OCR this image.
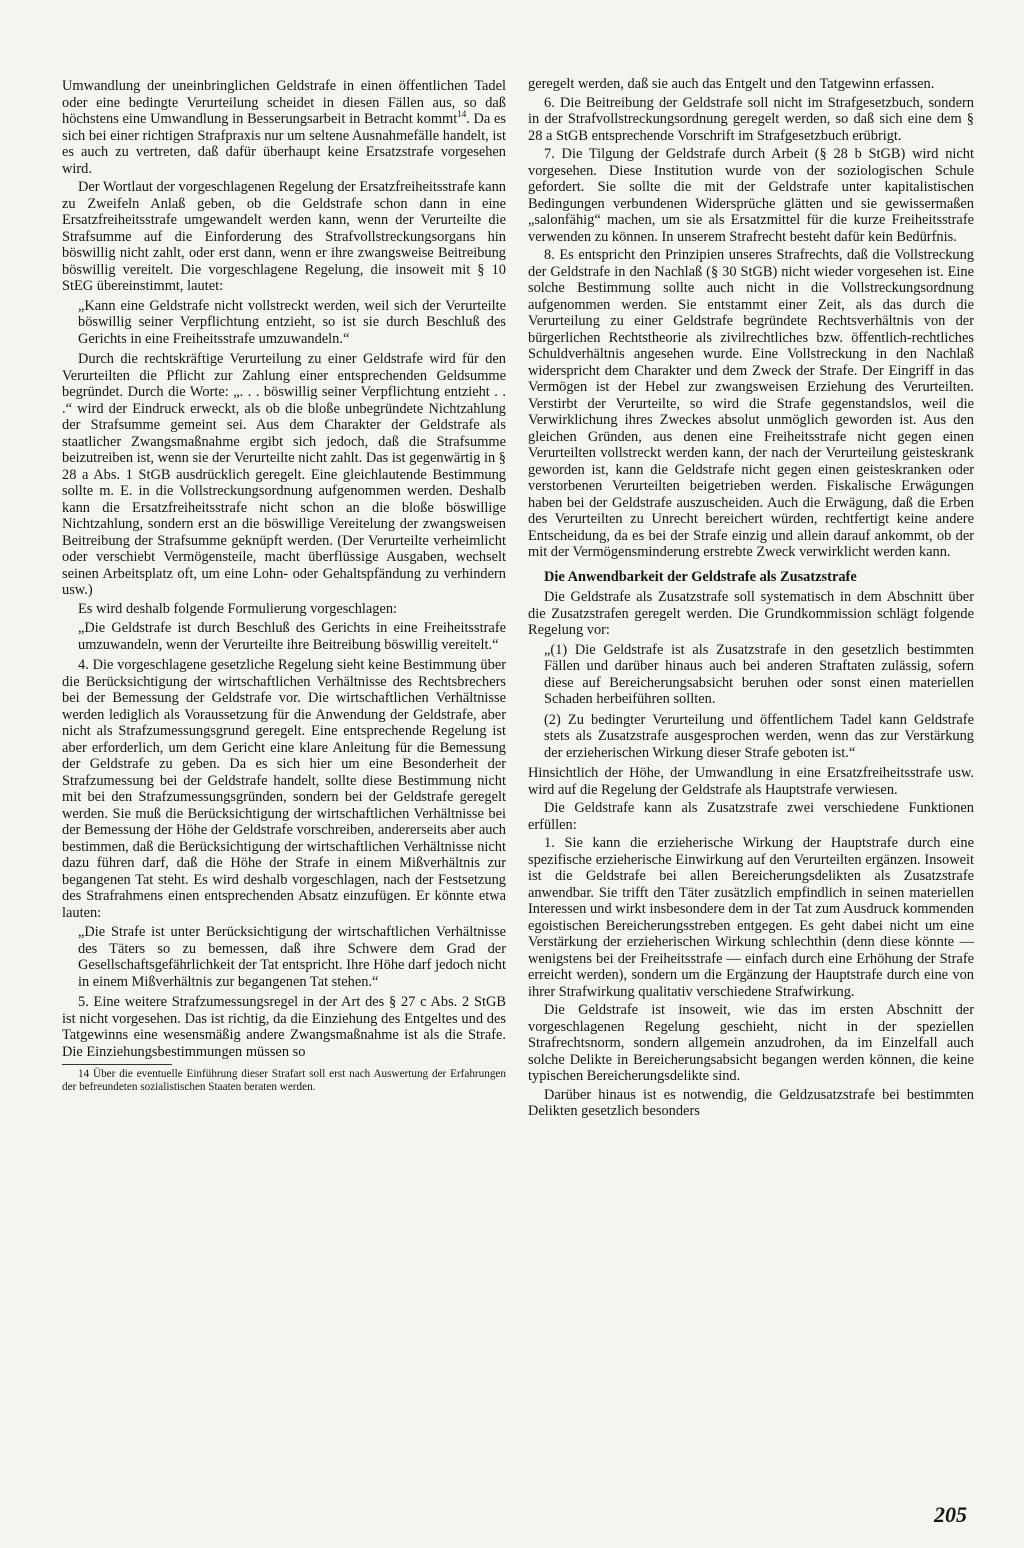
Umwandlung der uneinbringlichen Geldstrafe in einen öffentlichen Tadel oder eine bedingte Verurteilung scheidet in diesen Fällen aus, so daß höchstens eine Umwandlung in Besserungsarbeit in Betracht kommt$^{14}$. Da es sich bei einer richtigen Strafpraxis nur um seltene Ausnahmefälle handelt, ist es auch zu vertreten, daß dafür überhaupt keine Ersatzstrafe vorgesehen wird.

Der Wortlaut der vorgeschlagenen Regelung der Ersatzfreiheitsstrafe kann zu Zweifeln Anlaß geben, ob die Geldstrafe schon dann in eine Ersatzfreiheitsstrafe umgewandelt werden kann, wenn der Verurteilte die Strafsumme auf die Einforderung des Strafvollstreckungsorgans hin böswillig nicht zahlt, oder erst dann, wenn er ihre zwangsweise Beitreibung böswillig vereitelt. Die vorgeschlagene Regelung, die insoweit mit § 10 StEG übereinstimmt, lautet:

„Kann eine Geldstrafe nicht vollstreckt werden, weil sich der Verurteilte böswillig seiner Verpflichtung entzieht, so ist sie durch Beschluß des Gerichts in eine Freiheitsstrafe umzuwandeln.“

Durch die rechtskräftige Verurteilung zu einer Geldstrafe wird für den Verurteilten die Pflicht zur Zahlung einer entsprechenden Geldsumme begründet. Durch die Worte: „. . . böswillig seiner Verpflichtung entzieht . . .“ wird der Eindruck erweckt, als ob die bloße unbegründete Nichtzahlung der Strafsumme gemeint sei. Aus dem Charakter der Geldstrafe als staatlicher Zwangsmaßnahme ergibt sich jedoch, daß die Strafsumme beizutreiben ist, wenn sie der Verurteilte nicht zahlt. Das ist gegenwärtig in § 28 a Abs. 1 StGB ausdrücklich geregelt. Eine gleichlautende Bestimmung sollte m. E. in die Vollstreckungsordnung aufgenommen werden. Deshalb kann die Ersatzfreiheitsstrafe nicht schon an die bloße böswillige Nichtzahlung, sondern erst an die böswillige Vereitelung der zwangsweisen Beitreibung der Strafsumme geknüpft werden. (Der Verurteilte verheimlicht oder verschiebt Vermögensteile, macht überflüssige Ausgaben, wechselt seinen Arbeitsplatz oft, um eine Lohn- oder Gehaltspfändung zu verhindern usw.)

Es wird deshalb folgende Formulierung vorgeschlagen:

„Die Geldstrafe ist durch Beschluß des Gerichts in eine Freiheitsstrafe umzuwandeln, wenn der Verurteilte ihre Beitreibung böswillig vereitelt.“

4. Die vorgeschlagene gesetzliche Regelung sieht keine Bestimmung über die Berücksichtigung der wirtschaftlichen Verhältnisse des Rechtsbrechers bei der Bemessung der Geldstrafe vor. Die wirtschaftlichen Verhältnisse werden lediglich als Voraussetzung für die Anwendung der Geldstrafe, aber nicht als Strafzumessungsgrund geregelt. Eine entsprechende Regelung ist aber erforderlich, um dem Gericht eine klare Anleitung für die Bemessung der Geldstrafe zu geben. Da es sich hier um eine Besonderheit der Strafzumessung bei der Geldstrafe handelt, sollte diese Bestimmung nicht mit bei den Strafzumessungsgründen, sondern bei der Geldstrafe geregelt werden. Sie muß die Berücksichtigung der wirtschaftlichen Verhältnisse bei der Bemessung der Höhe der Geldstrafe vorschreiben, andererseits aber auch bestimmen, daß die Berücksichtigung der wirtschaftlichen Verhältnisse nicht dazu führen darf, daß die Höhe der Strafe in einem Mißverhältnis zur begangenen Tat steht. Es wird deshalb vorgeschlagen, nach der Festsetzung des Strafrahmens einen entsprechenden Absatz einzufügen. Er könnte etwa lauten:

„Die Strafe ist unter Berücksichtigung der wirtschaftlichen Verhältnisse des Täters so zu bemessen, daß ihre Schwere dem Grad der Gesellschaftsgefährlichkeit der Tat entspricht. Ihre Höhe darf jedoch nicht in einem Mißverhältnis zur begangenen Tat stehen.“

5. Eine weitere Strafzumessungsregel in der Art des § 27 c Abs. 2 StGB ist nicht vorgesehen. Das ist richtig, da die Einziehung des Entgeltes und des Tatgewinns eine wesensmäßig andere Zwangsmaßnahme ist als die Strafe. Die Einziehungsbestimmungen müssen so

14 Über die eventuelle Einführung dieser Strafart soll erst nach Auswertung der Erfahrungen der befreundeten sozialistischen Staaten beraten werden.

geregelt werden, daß sie auch das Entgelt und den Tatgewinn erfassen.

6. Die Beitreibung der Geldstrafe soll nicht im Strafgesetzbuch, sondern in der Strafvollstreckungsordnung geregelt werden, so daß sich eine dem § 28 a StGB entsprechende Vorschrift im Strafgesetzbuch erübrigt.

7. Die Tilgung der Geldstrafe durch Arbeit (§ 28 b StGB) wird nicht vorgesehen. Diese Institution wurde von der soziologischen Schule gefordert. Sie sollte die mit der Geldstrafe unter kapitalistischen Bedingungen verbundenen Widersprüche glätten und sie gewissermaßen „salonfähig“ machen, um sie als Ersatzmittel für die kurze Freiheitsstrafe verwenden zu können. In unserem Strafrecht besteht dafür kein Bedürfnis.

8. Es entspricht den Prinzipien unseres Strafrechts, daß die Vollstreckung der Geldstrafe in den Nachlaß (§ 30 StGB) nicht wieder vorgesehen ist. Eine solche Bestimmung sollte auch nicht in die Vollstreckungsordnung aufgenommen werden. Sie entstammt einer Zeit, als das durch die Verurteilung zu einer Geldstrafe begründete Rechtsverhältnis von der bürgerlichen Rechtstheorie als zivilrechtliches bzw. öffentlich-rechtliches Schuldverhältnis angesehen wurde. Eine Vollstreckung in den Nachlaß widerspricht dem Charakter und dem Zweck der Strafe. Der Eingriff in das Vermögen ist der Hebel zur zwangsweisen Erziehung des Verurteilten. Verstirbt der Verurteilte, so wird die Strafe gegenstandslos, weil die Verwirklichung ihres Zweckes absolut unmöglich geworden ist. Aus den gleichen Gründen, aus denen eine Freiheitsstrafe nicht gegen einen Verurteilten vollstreckt werden kann, der nach der Verurteilung geisteskrank geworden ist, kann die Geldstrafe nicht gegen einen geisteskranken oder verstorbenen Verurteilten beigetrieben werden. Fiskalische Erwägungen haben bei der Geldstrafe auszuscheiden. Auch die Erwägung, daß die Erben des Verurteilten zu Unrecht bereichert würden, rechtfertigt keine andere Entscheidung, da es bei der Strafe einzig und allein darauf ankommt, ob der mit der Vermögensminderung erstrebte Zweck verwirklicht werden kann.

Die Anwendbarkeit der Geldstrafe als Zusatzstrafe

Die Geldstrafe als Zusatzstrafe soll systematisch in dem Abschnitt über die Zusatzstrafen geregelt werden. Die Grundkommission schlägt folgende Regelung vor:

„(1) Die Geldstrafe ist als Zusatzstrafe in den gesetzlich bestimmten Fällen und darüber hinaus auch bei anderen Straftaten zulässig, sofern diese auf Bereicherungsabsicht beruhen oder sonst einen materiellen Schaden herbeiführen sollten.

(2) Zu bedingter Verurteilung und öffentlichem Tadel kann Geldstrafe stets als Zusatzstrafe ausgesprochen werden, wenn das zur Verstärkung der erzieherischen Wirkung dieser Strafe geboten ist.“

Hinsichtlich der Höhe, der Umwandlung in eine Ersatzfreiheitsstrafe usw. wird auf die Regelung der Geldstrafe als Hauptstrafe verwiesen.

Die Geldstrafe kann als Zusatzstrafe zwei verschiedene Funktionen erfüllen:

1. Sie kann die erzieherische Wirkung der Hauptstrafe durch eine spezifische erzieherische Einwirkung auf den Verurteilten ergänzen. Insoweit ist die Geldstrafe bei allen Bereicherungsdelikten als Zusatzstrafe anwendbar. Sie trifft den Täter zusätzlich empfindlich in seinen materiellen Interessen und wirkt insbesondere dem in der Tat zum Ausdruck kommenden egoistischen Bereicherungsstreben entgegen. Es geht dabei nicht um eine Verstärkung der erzieherischen Wirkung schlechthin (denn diese könnte — wenigstens bei der Freiheitsstrafe — einfach durch eine Erhöhung der Strafe erreicht werden), sondern um die Ergänzung der Hauptstrafe durch eine von ihrer Strafwirkung qualitativ verschiedene Strafwirkung.

Die Geldstrafe ist insoweit, wie das im ersten Abschnitt der vorgeschlagenen Regelung geschieht, nicht in der speziellen Strafrechtsnorm, sondern allgemein anzudrohen, da im Einzelfall auch solche Delikte in Bereicherungsabsicht begangen werden können, die keine typischen Bereicherungsdelikte sind.

Darüber hinaus ist es notwendig, die Geldzusatzstrafe bei bestimmten Delikten gesetzlich besonders

205
